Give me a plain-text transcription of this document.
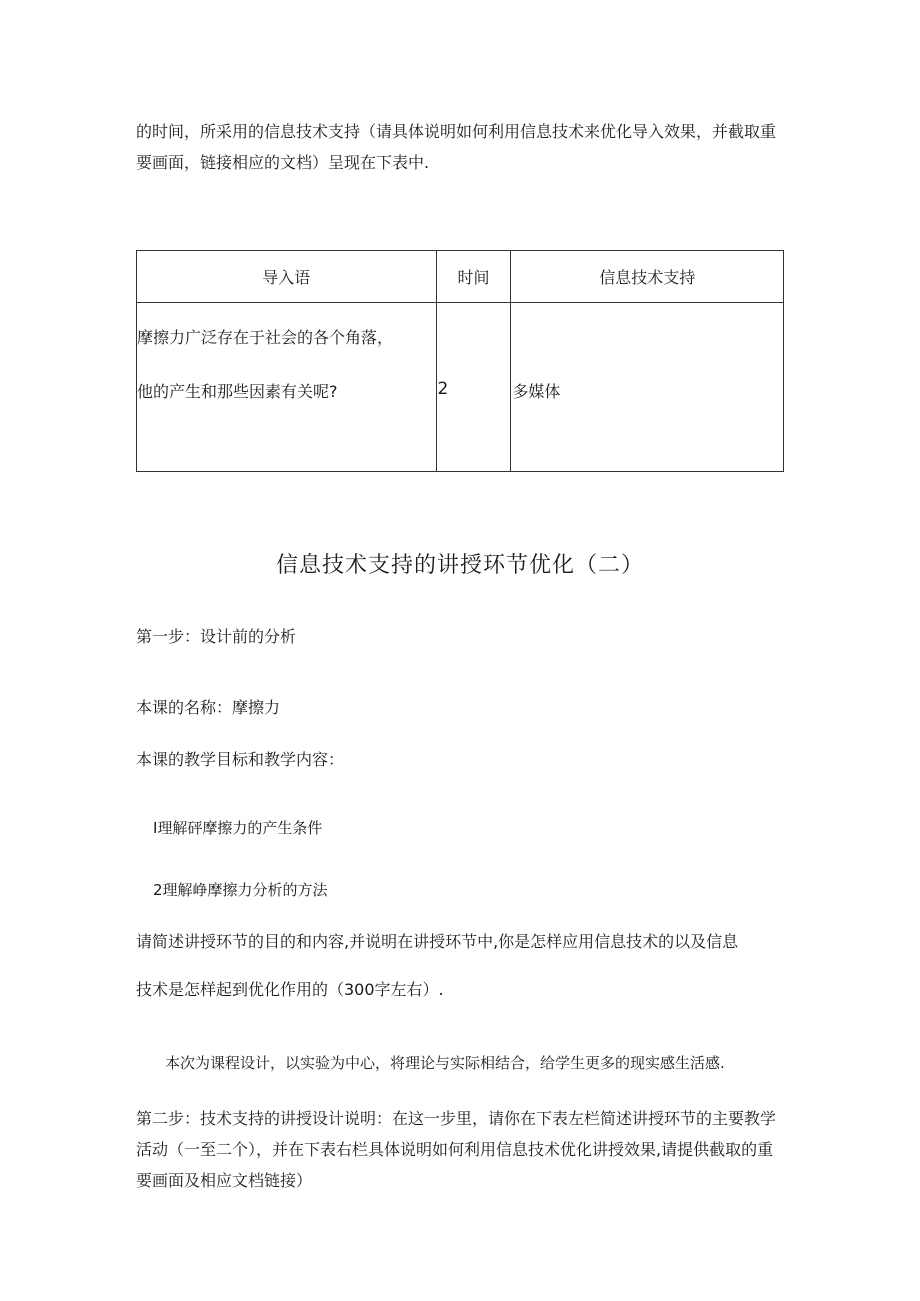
的时间，所采用的信息技术支持（请具体说明如何利用信息技术来优化导入效果，并截取重要画面，链接相应的文档）呈现在下表中.

导入语	时间	信息技术支持

摩擦力广泛存在于社会的各个角落，
他的产生和那些因素有关呢?	2	多媒体
信息技术支持的讲授环节优化（二）

第一步：设计前的分析

本课的名称：摩擦力

本课的教学目标和教学内容：

I理解砰摩擦力的产生条件

2理解峥摩擦力分析的方法

请简述讲授环节的目的和内容,并说明在讲授环节中,你是怎样应用信息技术的以及信息

技术是怎样起到优化作用的（300字左右）.

本次为课程设计，以实验为中心，将理论与实际相结合，给学生更多的现实感生活感.

第二步：技术支持的讲授设计说明：在这一步里，请你在下表左栏简述讲授环节的主要教学活动（一至二个），并在下表右栏具体说明如何利用信息技术优化讲授效果,请提供截取的重要画面及相应文档链接）
